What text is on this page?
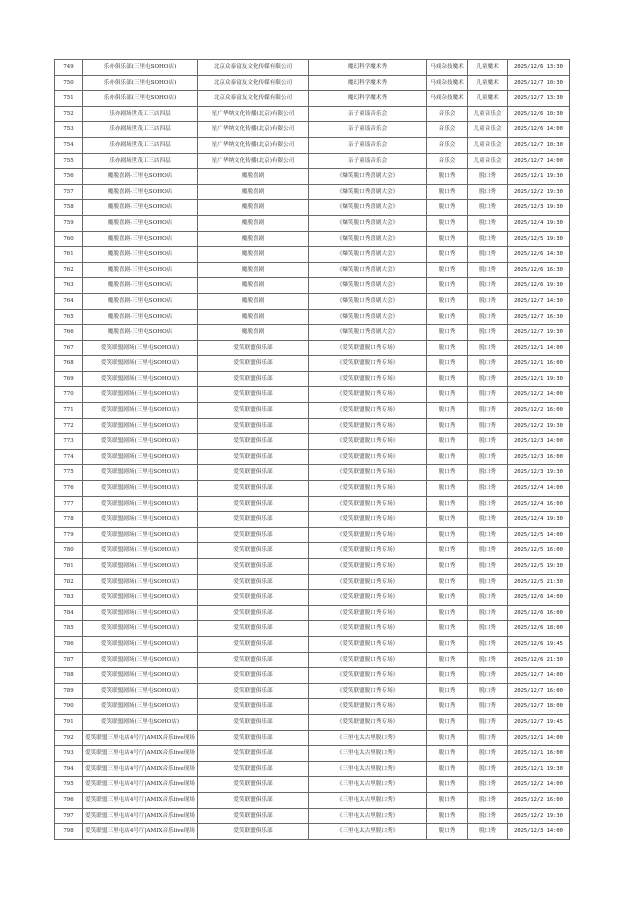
749	乐亦俱乐部(三里屯SOHO店)	北京众泰富友文化传媒有限公司	魔幻科学魔术秀	马戏杂技魔术	儿童魔术	2025/12/6 13:30
750	乐亦俱乐部(三里屯SOHO店)	北京众泰富友文化传媒有限公司	魔幻科学魔术秀	马戏杂技魔术	儿童魔术	2025/12/7 10:30
751	乐亦俱乐部(三里屯SOHO店)	北京众泰富友文化传媒有限公司	魔幻科学魔术秀	马戏杂技魔术	儿童魔术	2025/12/7 13:30
752	乐亦剧场世茂工三店四层	星广华纳文化传播(北京)有限公司	亲子童谣音乐会	音乐会	儿童音乐会	2025/12/6 10:30
753	乐亦剧场世茂工三店四层	星广华纳文化传播(北京)有限公司	亲子童谣音乐会	音乐会	儿童音乐会	2025/12/6 14:00
754	乐亦剧场世茂工三店四层	星广华纳文化传播(北京)有限公司	亲子童谣音乐会	音乐会	儿童音乐会	2025/12/7 10:30
755	乐亦剧场世茂工三店四层	星广华纳文化传播(北京)有限公司	亲子童谣音乐会	音乐会	儿童音乐会	2025/12/7 14:00
756	魔脱喜剧-三里屯SOHO店	魔脱喜剧	《爆笑脱口秀喜剧大会》	脱口秀	脱口秀	2025/12/1 19:30
757	魔脱喜剧-三里屯SOHO店	魔脱喜剧	《爆笑脱口秀喜剧大会》	脱口秀	脱口秀	2025/12/2 19:30
758	魔脱喜剧-三里屯SOHO店	魔脱喜剧	《爆笑脱口秀喜剧大会》	脱口秀	脱口秀	2025/12/3 19:30
759	魔脱喜剧-三里屯SOHO店	魔脱喜剧	《爆笑脱口秀喜剧大会》	脱口秀	脱口秀	2025/12/4 19:30
760	魔脱喜剧-三里屯SOHO店	魔脱喜剧	《爆笑脱口秀喜剧大会》	脱口秀	脱口秀	2025/12/5 19:30
761	魔脱喜剧-三里屯SOHO店	魔脱喜剧	《爆笑脱口秀喜剧大会》	脱口秀	脱口秀	2025/12/6 14:30
762	魔脱喜剧-三里屯SOHO店	魔脱喜剧	《爆笑脱口秀喜剧大会》	脱口秀	脱口秀	2025/12/6 16:30
763	魔脱喜剧-三里屯SOHO店	魔脱喜剧	《爆笑脱口秀喜剧大会》	脱口秀	脱口秀	2025/12/6 19:30
764	魔脱喜剧-三里屯SOHO店	魔脱喜剧	《爆笑脱口秀喜剧大会》	脱口秀	脱口秀	2025/12/7 14:30
765	魔脱喜剧-三里屯SOHO店	魔脱喜剧	《爆笑脱口秀喜剧大会》	脱口秀	脱口秀	2025/12/7 16:30
766	魔脱喜剧-三里屯SOHO店	魔脱喜剧	《爆笑脱口秀喜剧大会》	脱口秀	脱口秀	2025/12/7 19:30
767	爱笑联盟剧场(三里屯SOHO店)	爱笑联盟俱乐部	《爱笑联盟脱口秀专场》	脱口秀	脱口秀	2025/12/1 14:00
768	爱笑联盟剧场(三里屯SOHO店)	爱笑联盟俱乐部	《爱笑联盟脱口秀专场》	脱口秀	脱口秀	2025/12/1 16:00
769	爱笑联盟剧场(三里屯SOHO店)	爱笑联盟俱乐部	《爱笑联盟脱口秀专场》	脱口秀	脱口秀	2025/12/1 19:30
770	爱笑联盟剧场(三里屯SOHO店)	爱笑联盟俱乐部	《爱笑联盟脱口秀专场》	脱口秀	脱口秀	2025/12/2 14:00
771	爱笑联盟剧场(三里屯SOHO店)	爱笑联盟俱乐部	《爱笑联盟脱口秀专场》	脱口秀	脱口秀	2025/12/2 16:00
772	爱笑联盟剧场(三里屯SOHO店)	爱笑联盟俱乐部	《爱笑联盟脱口秀专场》	脱口秀	脱口秀	2025/12/2 19:30
773	爱笑联盟剧场(三里屯SOHO店)	爱笑联盟俱乐部	《爱笑联盟脱口秀专场》	脱口秀	脱口秀	2025/12/3 14:00
774	爱笑联盟剧场(三里屯SOHO店)	爱笑联盟俱乐部	《爱笑联盟脱口秀专场》	脱口秀	脱口秀	2025/12/3 16:00
775	爱笑联盟剧场(三里屯SOHO店)	爱笑联盟俱乐部	《爱笑联盟脱口秀专场》	脱口秀	脱口秀	2025/12/3 19:30
776	爱笑联盟剧场(三里屯SOHO店)	爱笑联盟俱乐部	《爱笑联盟脱口秀专场》	脱口秀	脱口秀	2025/12/4 14:00
777	爱笑联盟剧场(三里屯SOHO店)	爱笑联盟俱乐部	《爱笑联盟脱口秀专场》	脱口秀	脱口秀	2025/12/4 16:00
778	爱笑联盟剧场(三里屯SOHO店)	爱笑联盟俱乐部	《爱笑联盟脱口秀专场》	脱口秀	脱口秀	2025/12/4 19:30
779	爱笑联盟剧场(三里屯SOHO店)	爱笑联盟俱乐部	《爱笑联盟脱口秀专场》	脱口秀	脱口秀	2025/12/5 14:00
780	爱笑联盟剧场(三里屯SOHO店)	爱笑联盟俱乐部	《爱笑联盟脱口秀专场》	脱口秀	脱口秀	2025/12/5 16:00
781	爱笑联盟剧场(三里屯SOHO店)	爱笑联盟俱乐部	《爱笑联盟脱口秀专场》	脱口秀	脱口秀	2025/12/5 19:30
782	爱笑联盟剧场(三里屯SOHO店)	爱笑联盟俱乐部	《爱笑联盟脱口秀专场》	脱口秀	脱口秀	2025/12/5 21:30
783	爱笑联盟剧场(三里屯SOHO店)	爱笑联盟俱乐部	《爱笑联盟脱口秀专场》	脱口秀	脱口秀	2025/12/6 14:00
784	爱笑联盟剧场(三里屯SOHO店)	爱笑联盟俱乐部	《爱笑联盟脱口秀专场》	脱口秀	脱口秀	2025/12/6 16:00
785	爱笑联盟剧场(三里屯SOHO店)	爱笑联盟俱乐部	《爱笑联盟脱口秀专场》	脱口秀	脱口秀	2025/12/6 18:00
786	爱笑联盟剧场(三里屯SOHO店)	爱笑联盟俱乐部	《爱笑联盟脱口秀专场》	脱口秀	脱口秀	2025/12/6 19:45
787	爱笑联盟剧场(三里屯SOHO店)	爱笑联盟俱乐部	《爱笑联盟脱口秀专场》	脱口秀	脱口秀	2025/12/6 21:30
788	爱笑联盟剧场(三里屯SOHO店)	爱笑联盟俱乐部	《爱笑联盟脱口秀专场》	脱口秀	脱口秀	2025/12/7 14:00
789	爱笑联盟剧场(三里屯SOHO店)	爱笑联盟俱乐部	《爱笑联盟脱口秀专场》	脱口秀	脱口秀	2025/12/7 16:00
790	爱笑联盟剧场(三里屯SOHO店)	爱笑联盟俱乐部	《爱笑联盟脱口秀专场》	脱口秀	脱口秀	2025/12/7 18:00
791	爱笑联盟剧场(三里屯SOHO店)	爱笑联盟俱乐部	《爱笑联盟脱口秀专场》	脱口秀	脱口秀	2025/12/7 19:45
792	爱笑联盟三里屯店4号厅|AMIX音乐live现场	爱笑联盟俱乐部	《三里屯太古里脱口秀》	脱口秀	脱口秀	2025/12/1 14:00
793	爱笑联盟三里屯店4号厅|AMIX音乐live现场	爱笑联盟俱乐部	《三里屯太古里脱口秀》	脱口秀	脱口秀	2025/12/1 16:00
794	爱笑联盟三里屯店4号厅|AMIX音乐live现场	爱笑联盟俱乐部	《三里屯太古里脱口秀》	脱口秀	脱口秀	2025/12/1 19:30
795	爱笑联盟三里屯店4号厅|AMIX音乐live现场	爱笑联盟俱乐部	《三里屯太古里脱口秀》	脱口秀	脱口秀	2025/12/2 14:00
796	爱笑联盟三里屯店4号厅|AMIX音乐live现场	爱笑联盟俱乐部	《三里屯太古里脱口秀》	脱口秀	脱口秀	2025/12/2 16:00
797	爱笑联盟三里屯店4号厅|AMIX音乐live现场	爱笑联盟俱乐部	《三里屯太古里脱口秀》	脱口秀	脱口秀	2025/12/2 19:30
798	爱笑联盟三里屯店4号厅|AMIX音乐live现场	爱笑联盟俱乐部	《三里屯太古里脱口秀》	脱口秀	脱口秀	2025/12/3 14:00
